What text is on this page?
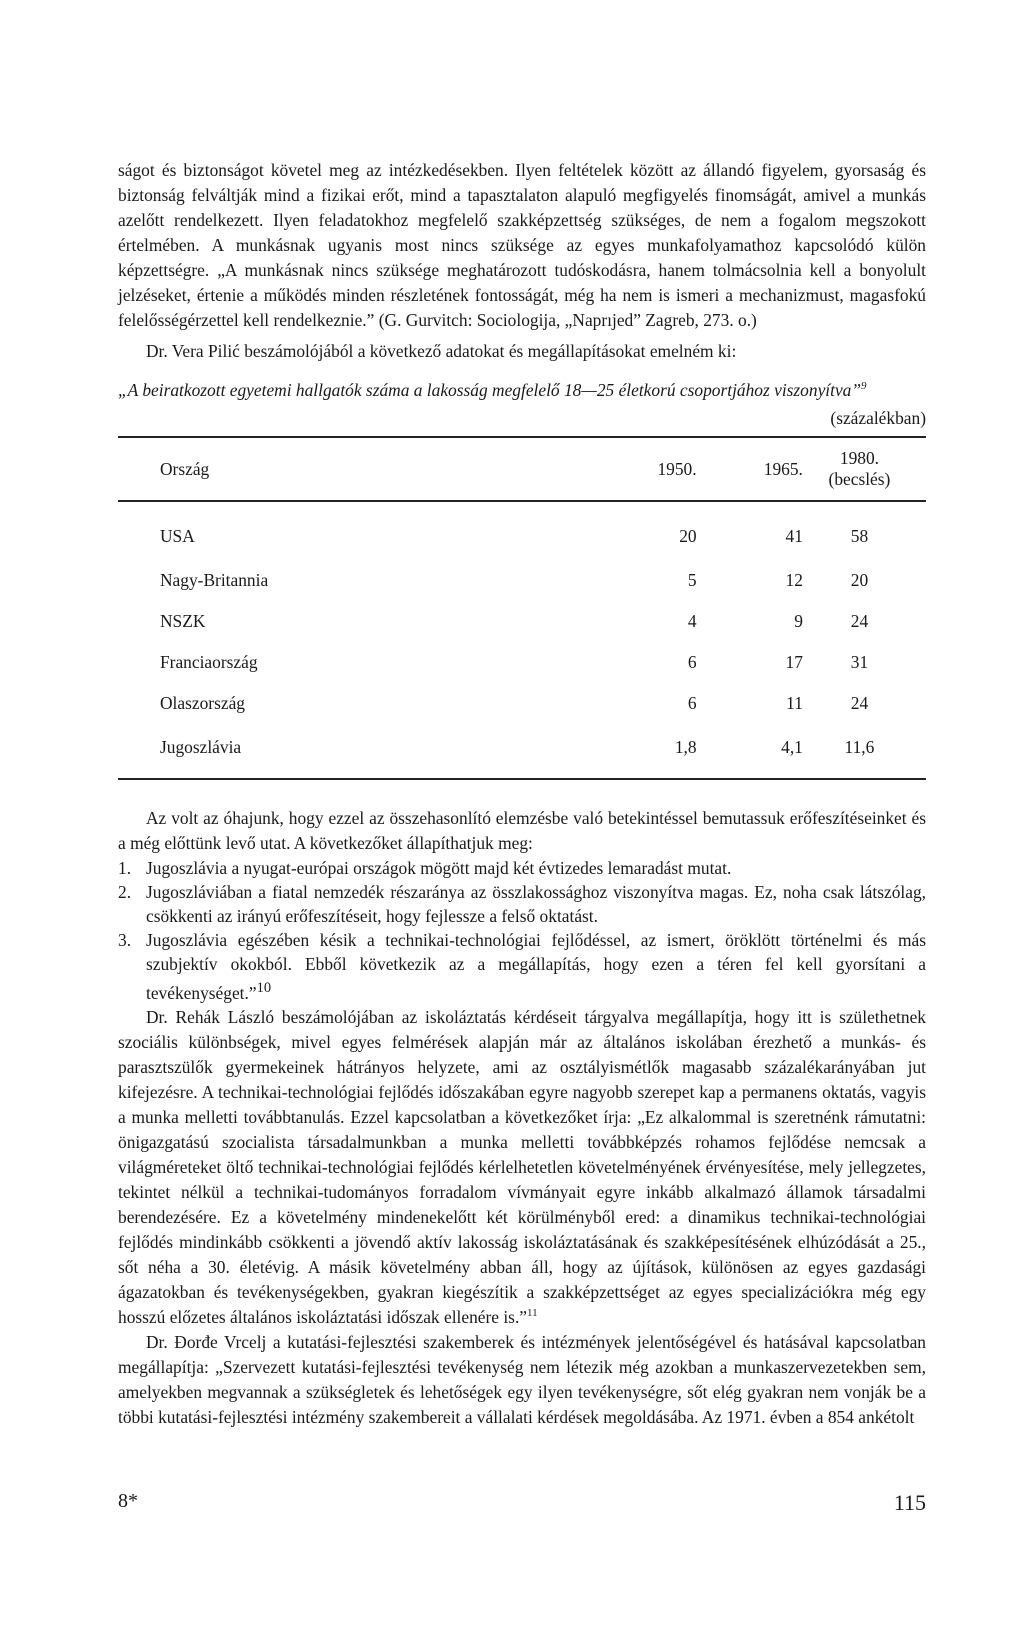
ságot és biztonságot követel meg az intézkedésekben. Ilyen feltételek között az állandó figyelem, gyorsaság és biztonság felváltják mind a fizikai erőt, mind a tapasztalaton alapuló megfigyelés finomságát, amivel a munkás azelőtt rendelkezett. Ilyen feladatokhoz megfelelő szakképzettség szükséges, de nem a fogalom megszokott értelmében. A munkásnak ugyanis most nincs szüksége az egyes munkafolyamathoz kapcsolódó külön képzettségre. „A munkásnak nincs szüksége meghatározott tudóskodásra, hanem tolmácsolnia kell a bonyolult jelzéseket, értenie a működés minden részletének fontosságát, még ha nem is ismeri a mechanizmust, magasfokú felelősségérzettel kell rendelkeznie.” (G. Gurvitch: Sociologija, „Naprıjed” Zagreb, 273. o.)

Dr. Vera Pilić beszámolójából a következő adatokat és megállapításokat emelném ki:

„A beiratkozott egyetemi hallgatók száma a lakosság megfelelő 18—25 életkorú csoportjához viszonyítva”$^9$
(százalékban)
Ország	1950.	1965.	1980.
(becslés)

USA	20	41	58
Nagy-Britannia	5	12	20
NSZK	4	9	24
Franciaország	6	17	31
Olaszország	6	11	24
Jugoszlávia	1,8	4,1	11,6

Az volt az óhajunk, hogy ezzel az összehasonlító elemzésbe való betekintéssel bemutassuk erőfeszítéseinket és a még előttünk levő utat. A következőket állapíthatjuk meg:

1. Jugoszlávia a nyugat-európai országok mögött majd két évtizedes lemaradást mutat.
2. Jugoszláviában a fiatal nemzedék részaránya az összlakossághoz viszonyítva magas. Ez, noha csak látszólag, csökkenti az irányú erőfeszítéseit, hogy fejlessze a felső oktatást.
3. Jugoszlávia egészében késik a technikai-technológiai fejlődéssel, az ismert, öröklött történelmi és más szubjektív okokból. Ebből következik az a megállapítás, hogy ezen a téren fel kell gyorsítani a tevékenységet.”$^{10}$

Dr. Rehák László beszámolójában az iskoláztatás kérdéseit tárgyalva megállapítja, hogy itt is születhetnek szociális különbségek, mivel egyes felmérések alapján már az általános iskolában érezhető a munkás- és parasztszülők gyermekeinek hátrányos helyzete, ami az osztályismétlők magasabb százalékarányában jut kifejezésre. A technikai-technológiai fejlődés időszakában egyre nagyobb szerepet kap a permanens oktatás, vagyis a munka melletti továbbtanulás. Ezzel kapcsolatban a következőket írja: „Ez alkalommal is szeretnénk rámutatni: önigazgatású szocialista társadalmunkban a munka melletti továbbképzés rohamos fejlődése nemcsak a világméreteket öltő technikai-technológiai fejlődés kérlelhetetlen követelményének érvényesítése, mely jellegzetes, tekintet nélkül a technikai-tudományos forradalom vívmányait egyre inkább alkalmazó államok társadalmi berendezésére. Ez a követelmény mindenekelőtt két körülményből ered: a dinamikus technikai-technológiai fejlődés mindinkább csökkenti a jövendő aktív lakosság iskoláztatásának és szakképesítésének elhúzódását a 25., sőt néha a 30. életévig. A másik követelmény abban áll, hogy az újítások, különösen az egyes gazdasági ágazatokban és tevékenységekben, gyakran kiegészítik a szakképzettséget az egyes specializációkra még egy hosszú előzetes általános iskoláztatási időszak ellenére is.”$^{11}$

Dr. Đorđe Vrcelj a kutatási-fejlesztési szakemberek és intézmények jelentőségével és hatásával kapcsolatban megállapítja: „Szervezett kutatási-fejlesztési tevékenység nem létezik még azokban a munkaszervezetekben sem, amelyekben megvannak a szükségletek és lehetőségek egy ilyen tevékenységre, sőt elég gyakran nem vonják be a többi kutatási-fejlesztési intézmény szakembereit a vállalati kérdések megoldásába. Az 1971. évben a 854 ankétolt

8*	115
